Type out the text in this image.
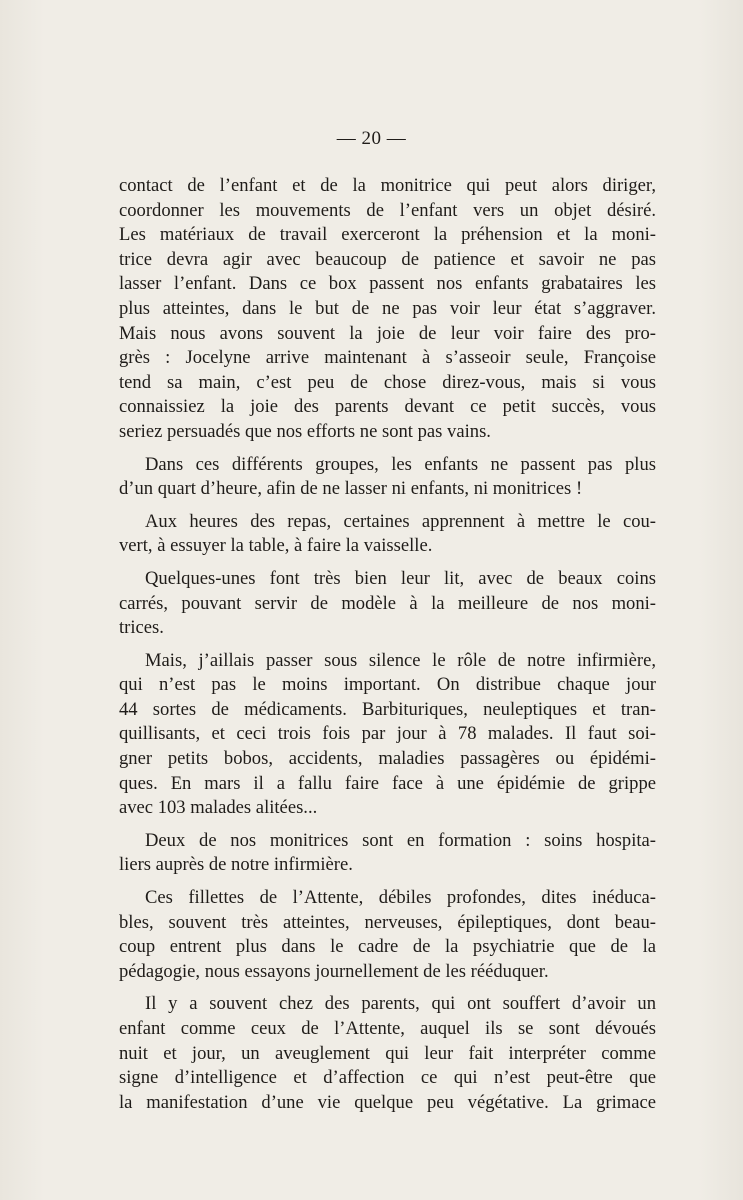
— 20 —
contact de l’enfant et de la monitrice qui peut alors diriger,
coordonner les mouvements de l’enfant vers un objet désiré.
Les matériaux de travail exerceront la préhension et la moni-
trice devra agir avec beaucoup de patience et savoir ne pas
lasser l’enfant. Dans ce box passent nos enfants grabataires les
plus atteintes, dans le but de ne pas voir leur état s’aggraver.
Mais nous avons souvent la joie de leur voir faire des pro-
grès : Jocelyne arrive maintenant à s’asseoir seule, Françoise
tend sa main, c’est peu de chose direz-vous, mais si vous
connaissiez la joie des parents devant ce petit succès, vous
seriez persuadés que nos efforts ne sont pas vains.
Dans ces différents groupes, les enfants ne passent pas plus
d’un quart d’heure, afin de ne lasser ni enfants, ni monitrices !
Aux heures des repas, certaines apprennent à mettre le cou-
vert, à essuyer la table, à faire la vaisselle.
Quelques-unes font très bien leur lit, avec de beaux coins
carrés, pouvant servir de modèle à la meilleure de nos moni-
trices.
Mais, j’aillais passer sous silence le rôle de notre infirmière,
qui n’est pas le moins important. On distribue chaque jour
44 sortes de médicaments. Barbituriques, neuleptiques et tran-
quillisants, et ceci trois fois par jour à 78 malades. Il faut soi-
gner petits bobos, accidents, maladies passagères ou épidémi-
ques. En mars il a fallu faire face à une épidémie de grippe
avec 103 malades alitées...
Deux de nos monitrices sont en formation : soins hospita-
liers auprès de notre infirmière.
Ces fillettes de l’Attente, débiles profondes, dites inéduca-
bles, souvent très atteintes, nerveuses, épileptiques, dont beau-
coup entrent plus dans le cadre de la psychiatrie que de la
pédagogie, nous essayons journellement de les rééduquer.
Il y a souvent chez des parents, qui ont souffert d’avoir un
enfant comme ceux de l’Attente, auquel ils se sont dévoués
nuit et jour, un aveuglement qui leur fait interpréter comme
signe d’intelligence et d’affection ce qui n’est peut-être que
la manifestation d’une vie quelque peu végétative. La grimace
